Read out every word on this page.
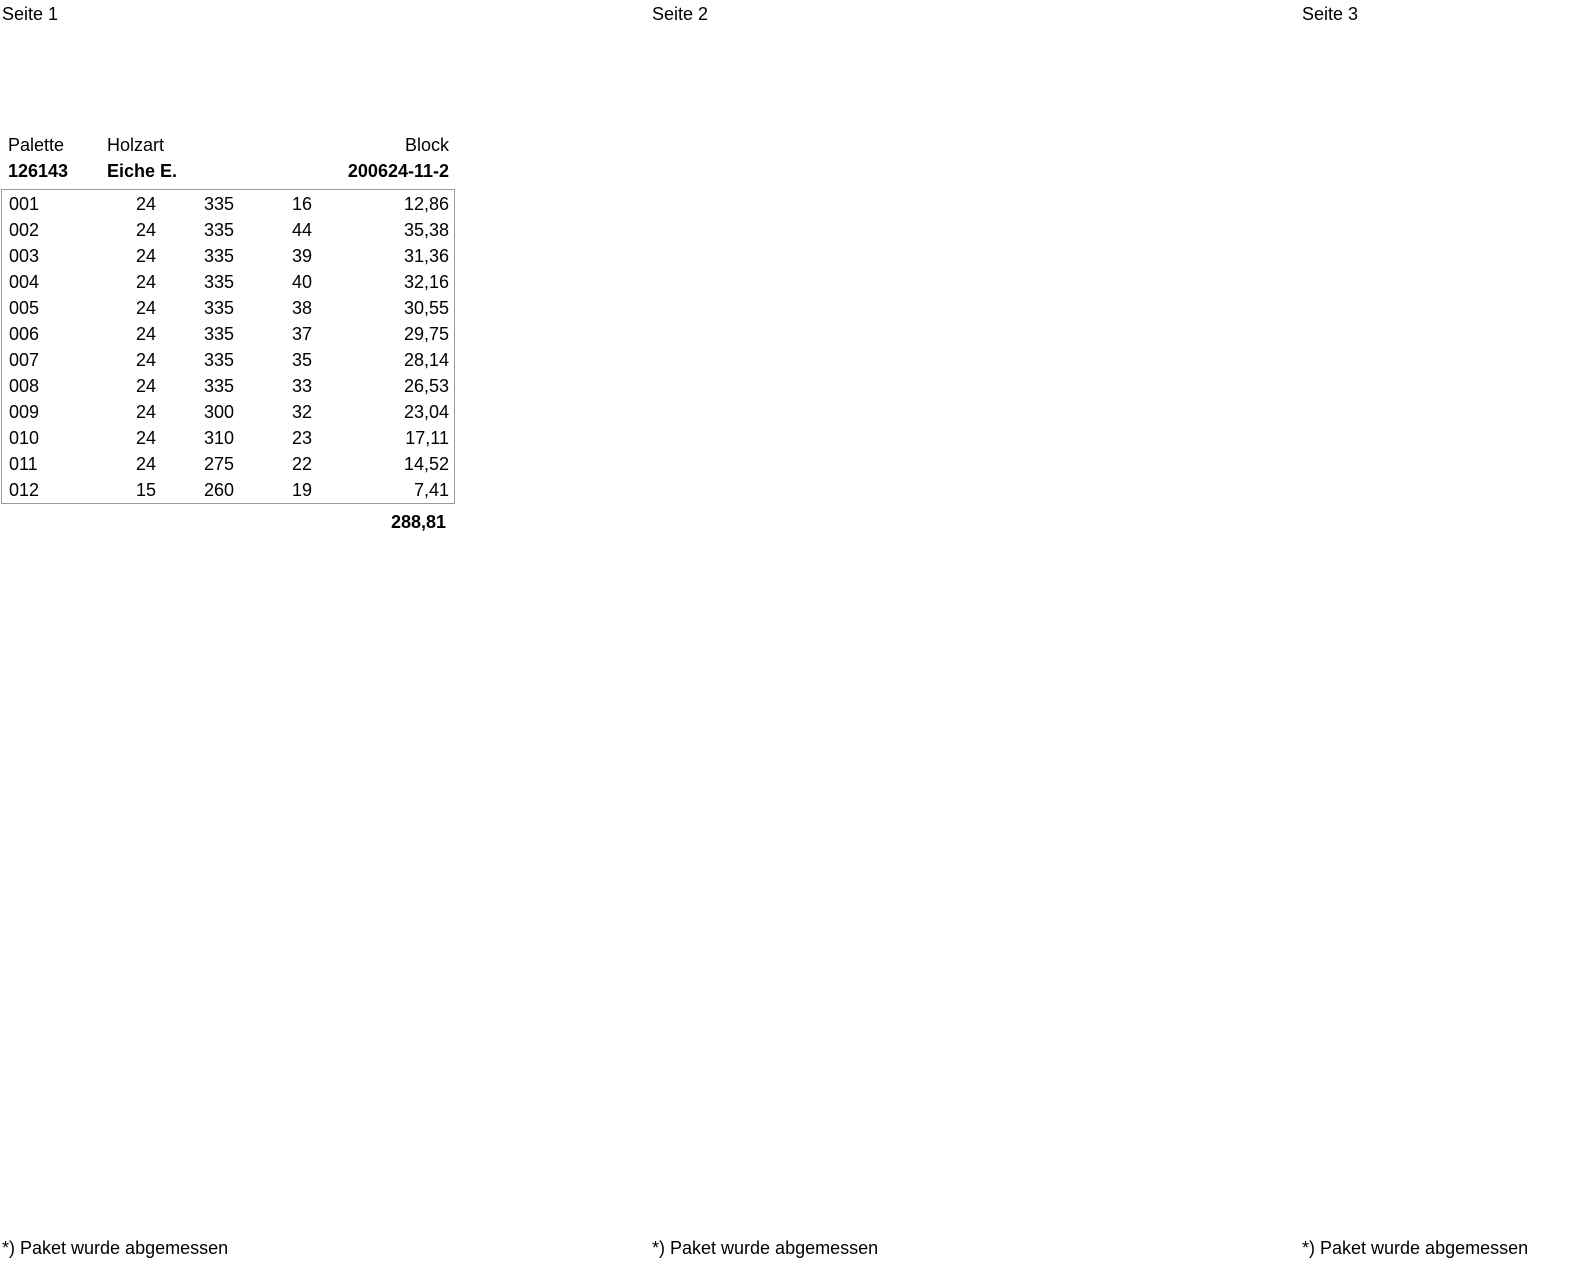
Seite 1	Seite 2	Seite 3
Palette Holzart	Block
126143 Eiche E.	200624-11-2
001	24	335	16	12,86
002	24	335	44	35,38
003	24	335	39	31,36
004	24	335	40	32,16
005	24	335	38	30,55
006	24	335	37	29,75
007	24	335	35	28,14
008	24	335	33	26,53
009	24	300	32	23,04
010	24	310	23	17,11
011	24	275	22	14,52
012	15	260	19	7,41
288,81
*) Paket wurde abgemessen	*) Paket wurde abgemessen	*) Paket wurde abgemessen
